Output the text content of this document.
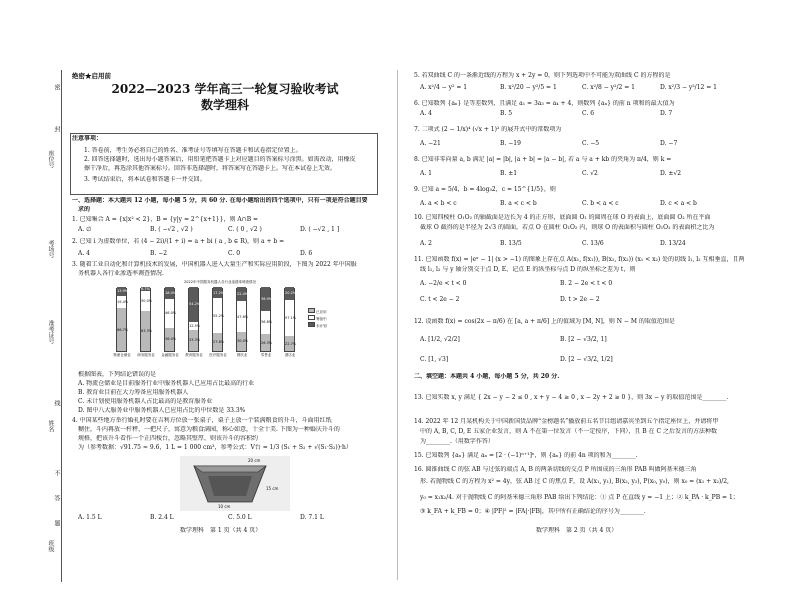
密
座位号
封
考场号
准考证号
线
姓名
不
答
题
班级
绝密★启用前
2022—2023 学年高三一轮复习验收考试
数学理科
注意事项：
1. 答卷前，考生务必将自己的姓名、准考证号等填写在答题卡和试卷指定位置上。
2. 回答选择题时，选出每小题答案后，用铅笔把答题卡上对应题目的答案标号涂黑。如需改动，用橡皮
擦干净后，再选涂其他答案标号。回答非选择题时，将答案写在答题卡上。写在本试卷上无效。
3. 考试结束后，将本试卷和答题卡一并交回。
一、选择题：本大题共 12 小题，每小题 5 分，共 60 分. 在每小题给出的四个选项中，只有一项是符合题目要
求的
1. 已知集合 A = {x|x² < 2}，B = {y|y = 2^{x+1}}，则 A∩B =
A. ∅	B. ( −√2 , √2 )	C. ( 0 , √2 )	D. ( −√2 , 1 ]
2. 已知 i 为虚数单位，若 (4 − 2i)/(1 + i) = a + bi ( a , b ∈ R)，则 a + b =
A. 4	B. −2	C. 0	D. 6
3. 随着工业自动化和计算机技术的发展，中国机器人进入大量生产和实际应用阶段，下图为 2022 年中国服
务机器人各行业渗透率调查情况.
2022年中国服务机器人各行业渗透率调查情况
66.7%
19.4%
13.9%
63.3%
30.0%
6.7%
36.0%
46.0%
18.0%
33.3%
12.5%
54.2%
27.6%
55.2%
17.2%
30.0%
47.6%
22.4%
26.3%
36.8%
36.9%
22.7%
57.1%
20.2%
物流仓储业	商务服务业	金融服务业	教育服务业	医疗服务业	餐饮业	零售业	酒店业
已应用
筹备中
未计划
根据图表，下列结论错误的是
A. 物流仓储业是目前服务行业中服务机器人已应用占比最高的行业
B. 教育业目前在大力筹备应用服务机器人
C. 未计划使用服务机器人占比最高的是教育服务业
D. 图中八大服务业中服务机器人已应用占比的中位数是 33.3%
4. 中国某些地方举行婚礼时要在吉利方位放一张桌子，桌子上放一个装满粮食的升斗，斗面用红纸
糊住，斗内再放一杆秤、一把尺子，寓意为粮食满园，称心如意，十全十美. 下图为一种婚庆升斗的
规格，把该升斗看作一个正四棱台，忽略其壁厚，则该升斗的容积约
为（参考数据：√91.75 ≈ 9.6，1 L = 1 000 cm³，参考公式：V台 = 1/3 (S₁ + S₂ + √(S₁·S₂))·h）
20 cm
10 cm
15 cm
A. 1.5 L	B. 2.4 L	C. 5.0 L	D. 7.1 L
数学理科　第 1 页（共 4 页）
5. 若双曲线 C 的一条渐近线的方程为 x + 2y = 0，则下列选项中不可能为双曲线 C 的方程的是
A. x²/4 − y² = 1	B. x²/20 − y²/5 = 1	C. x²/8 − y²/2 = 1	D. x²/3 − y²/12 = 1
6. 已知数列 {aₙ} 是等差数列，且满足 a₁ = 3a₃ = a₄ + 4，则数列 {aₙ} 的前 n 项和的最大值为
A. 4	B. 5	C. 6	D. 7
7. 二项式 (2 − 1/x)⁴ (√x + 1)² 的展开式中的常数项为
A. −21	B. −19	C. −5	D. −7
8. 已知非零向量 a, b 满足 |a| = |b|, |a + b| = |a − b|, 若 a 与 a + kb 的夹角为 π/4，则 k =
A. 1	B. ±1	C. √2	D. ±√2
9. 已知 a = 5/4，b = 4log₃2，c = 15^{1/5}，则
A. a < b < c	B. a < c < b	C. b < a < c	D. c < a < b
10. 已知四棱柱 O₁O₂ 的轴截面是边长为 4 的正方形，底面圆 O₁ 的圆周在球 O 的表面上，底面圆 O₂ 所在平面
截球 O 截得的是半径为 2√3 的圆面，若点 O 在圆柱 O₁O₂ 内，则球 O 的表面积与圆柱 O₁O₂ 的表面积之比为
A. 2	B. 13/5	C. 13/6	D. 13/24
11. 已知函数 f(x) = |eˣ − 1| (x > −1) 的图象上存在点 A(x₁, f(x₁)), B(x₂, f(x₂)) (x₁ < x₂) 处的切线 l₁, l₂ 互相垂直，且两
线 l₁, l₂ 与 y 轴分别交于点 D, E，记点 E 的纵坐标与点 D 的纵坐标之差为 t，则
A. −2/e < t < 0	B. 2 − 2e < t < 0
C. t < 2e − 2	D. t > 2e − 2
12. 设函数 f(x) = cos(2x − π/6) 在 [a, a + π/6] 上的值域为 [M, N]，则 N − M 的取值范围是
A. [1/2, √2/2]	B. [2 − √3/2, 1]
C. [1, √3]	D. [2 − √3/2, 1/2]
二、填空题：本题共 4 小题，每小题 5 分，共 20 分.
13. 已知实数 x, y 满足 { 2x − y − 2 ≤ 0 , x + y − 4 ≥ 0 , x − 2y + 2 ≥ 0 }，则 3x − y 的取值范围是________.
14. 2022 年 12 月某机构关于中国新国货品牌“金榜题名”播放前五名节目组请嘉宾坐到五个指定座位上，并请将甲
中的 A, B, C, D, E 五家企业发言，则 A 不在第一位发言（不一定按序，下同），且 B 在 C 之后发言的方法种数
为________.（用数字作答）
15. 已知数列 {aₙ} 满足 aₙ = [2 · (−1)ⁿ⁺¹]ⁿ，则 {aₙ} 的前 4n 项的和为________.
16. 圆锥曲线 C 的弦 AB 与过弦的端点 A, B 的两条切线的交点 P 所围成的三角形 PAB 叫做阿基米德三角
形. 若抛物线 C 的方程为 x² = 4y，弦 AB 过 C 的焦点 F，设 A(x₁, y₁), B(x₂, y₂), P(x₀, y₀)，则 x₀ = (x₁ + x₂)/2,
y₀ = x₁x₂/4. 对于抛物线 C 的阿基米德三角形 PAB 给出下列结论：① 点 P 在直线 y = −1 上；② k_PA · k_PB = 1；
③ k_FA + k_FB = 0；④ |PF|² = |FA|·|FB|，其中所有正确结论的序号为________.
数学理科　第 2 页（共 4 页）
